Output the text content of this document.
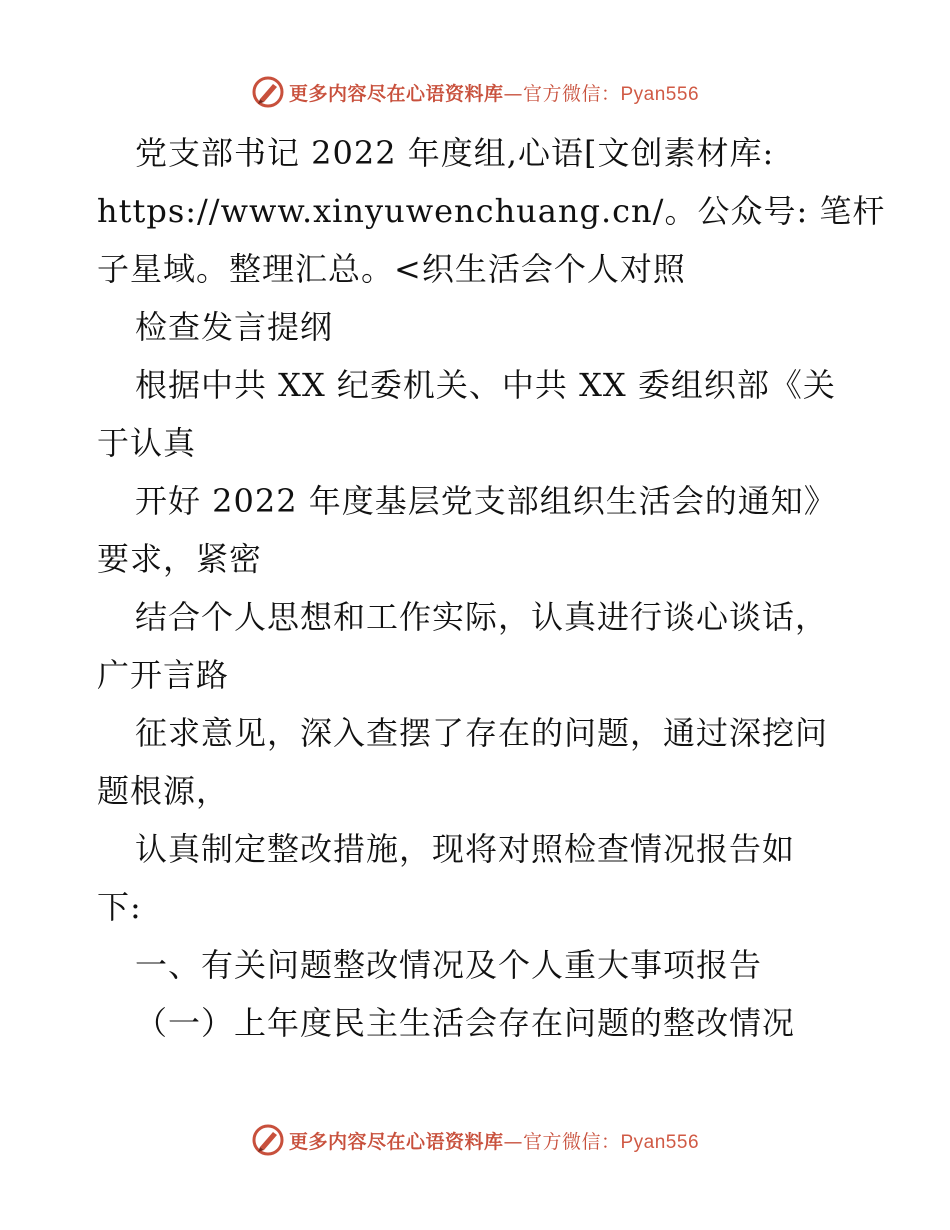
更多内容尽在心语资料库—官方微信：Pyan556
党支部书记 2022 年度组,心语[文创素材库:
https://www.xinyuwenchuang.cn/。公众号: 笔杆
子星域。整理汇总。<织生活会个人对照
检查发言提纲
根据中共 XX 纪委机关、中共 XX 委组织部《关
于认真
开好 2022 年度基层党支部组织生活会的通知》
要求，紧密
结合个人思想和工作实际，认真进行谈心谈话，
广开言路
征求意见，深入查摆了存在的问题，通过深挖问
题根源，
认真制定整改措施，现将对照检查情况报告如
下:
一、有关问题整改情况及个人重大事项报告
（一）上年度民主生活会存在问题的整改情况
更多内容尽在心语资料库—官方微信：Pyan556
